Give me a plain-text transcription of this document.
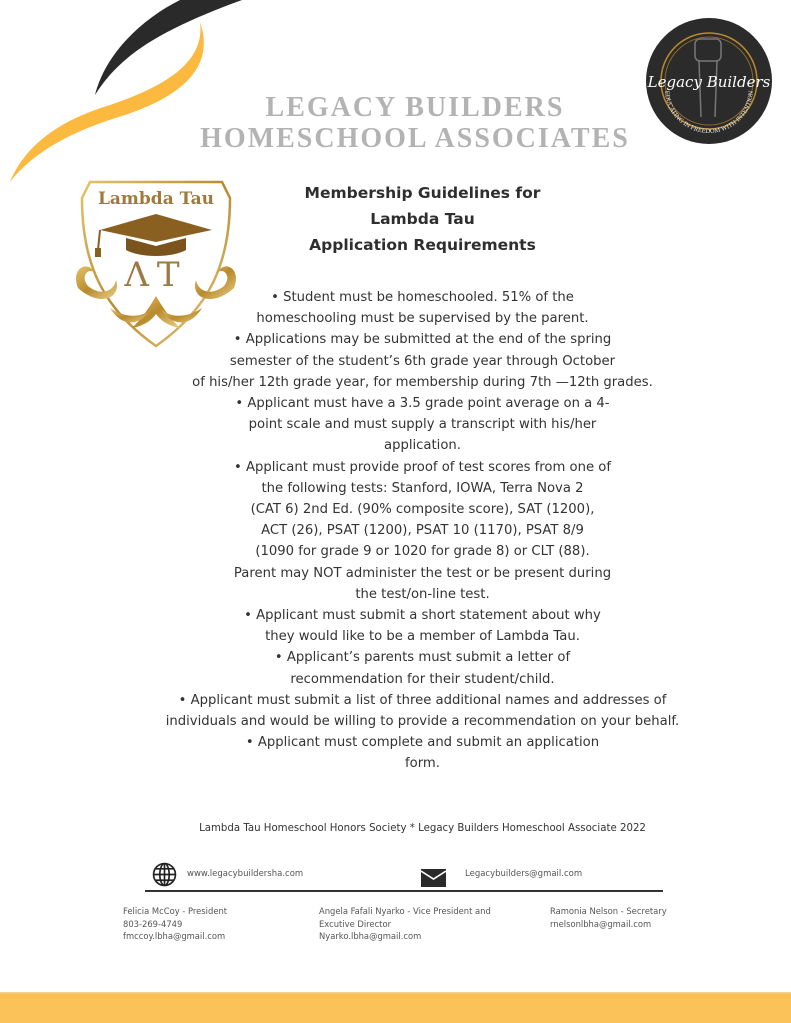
LEGACY BUILDERS
HOMESCHOOL ASSOCIATES
Legacy Builders
EDUCATING IN FREEDOM WITH INTENTION
Lambda Tau
ΛT
Membership Guidelines for
Lambda Tau
Application Requirements
• Student must be homeschooled. 51% of the
homeschooling must be supervised by the parent.
• Applications may be submitted at the end of the spring
semester of the student’s 6th grade year through October
of his/her 12th grade year, for membership during 7th —12th grades.
• Applicant must have a 3.5 grade point average on a 4-
point scale and must supply a transcript with his/her
application.
• Applicant must provide proof of test scores from one of
the following tests: Stanford, IOWA, Terra Nova 2
(CAT 6) 2nd Ed. (90% composite score), SAT (1200),
ACT (26), PSAT (1200), PSAT 10 (1170), PSAT 8/9
(1090 for grade 9 or 1020 for grade 8) or CLT (88).
Parent may NOT administer the test or be present during
the test/on-line test.
• Applicant must submit a short statement about why
they would like to be a member of Lambda Tau.
• Applicant’s parents must submit a letter of
recommendation for their student/child.
• Applicant must submit a list of three additional names and addresses of
individuals and would be willing to provide a recommendation on your behalf.
• Applicant must complete and submit an application
form.
Lambda Tau Homeschool Honors Society * Legacy Builders Homeschool Associate 2022
www.legacybuildersha.com	Legacybuilders@gmail.com
Felicia McCoy - President
803-269-4749
fmccoy.lbha@gmail.com
Angela Fafali Nyarko - Vice President and
Excutive Director
Nyarko.lbha@gmail.com
Ramonia Nelson - Secretary
rnelsonlbha@gmail.com
